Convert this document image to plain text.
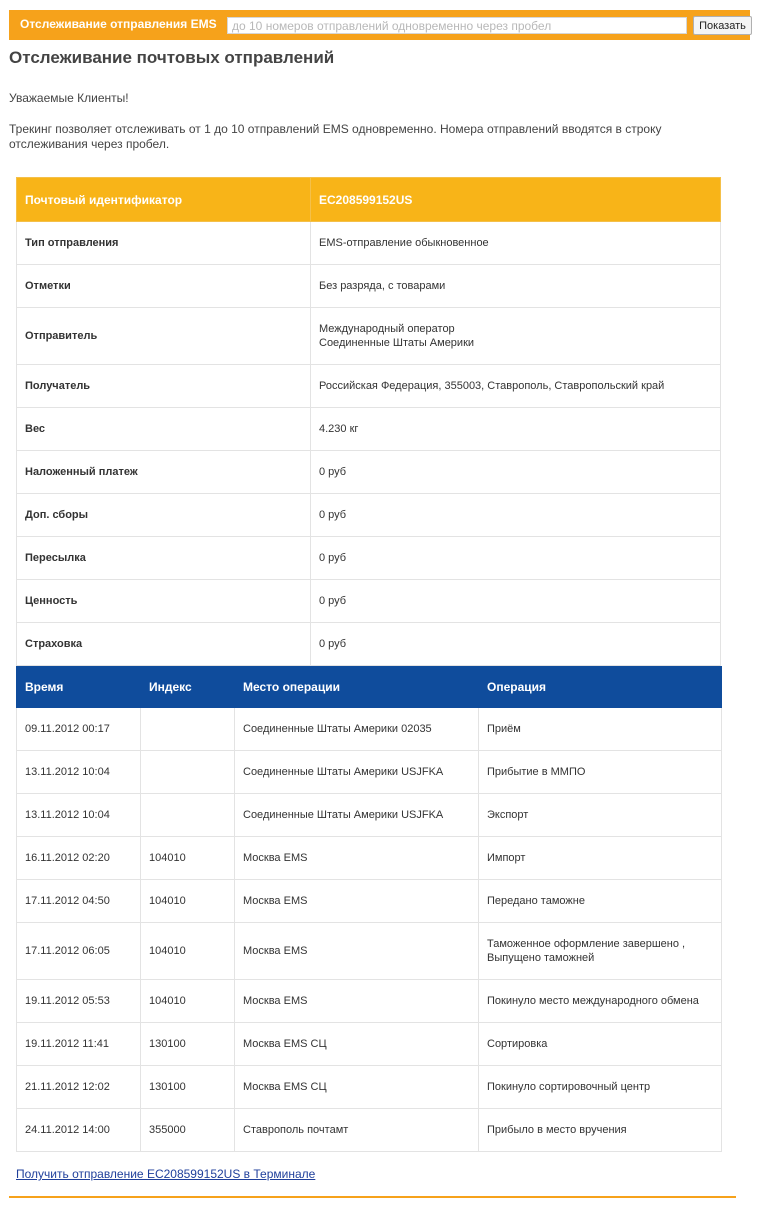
Отслеживание отправления EMS
до 10 номеров отправлений одновременно через пробел	Показать
Отслеживание почтовых отправлений
Уважаемые Клиенты!
Трекинг позволяет отслеживать от 1 до 10 отправлений EMS одновременно. Номера отправлений вводятся в строку отслеживания через пробел.
Почтовый идентификатор	EC208599152US
Тип отправления	EMS-отправление обыкновенное
Отметки	Без разряда, с товарами
Отправитель	Международный оператор
Соединенные Штаты Америки

Получатель	Российская Федерация, 355003, Ставрополь, Ставропольский край
Вес	4.230 кг
Наложенный платеж	0 руб
Доп. сборы	0 руб
Пересылка	0 руб
Ценность	0 руб
Страховка	0 руб
Время	Индекс	Место операции	Операция
09.11.2012 00:17		Соединенные Штаты Америки 02035	Приём
13.11.2012 10:04		Соединенные Штаты Америки USJFKA	Прибытие в ММПО
13.11.2012 10:04		Соединенные Штаты Америки USJFKA	Экспорт
16.11.2012 02:20	104010	Москва EMS	Импорт
17.11.2012 04:50	104010	Москва EMS	Передано таможне
17.11.2012 06:05	104010	Москва EMS	Таможенное оформление завершено ,
Выпущено таможней

19.11.2012 05:53	104010	Москва EMS	Покинуло место международного обмена
19.11.2012 11:41	130100	Москва EMS СЦ	Сортировка
21.11.2012 12:02	130100	Москва EMS СЦ	Покинуло сортировочный центр
24.11.2012 14:00	355000	Ставрополь почтамт	Прибыло в место вручения
Получить отправление EC208599152US в Терминале
